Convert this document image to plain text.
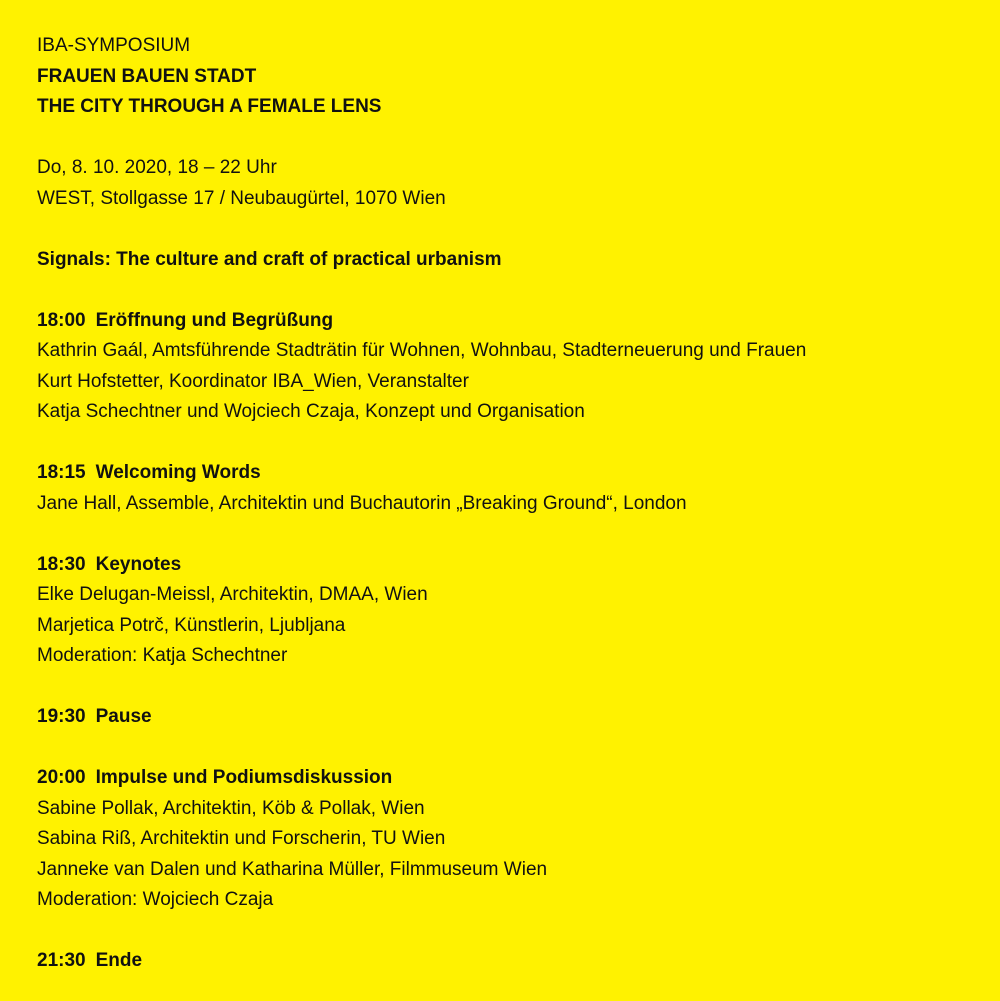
IBA-SYMPOSIUM

FRAUEN BAUEN STADT

THE CITY THROUGH A FEMALE LENS

Do, 8. 10. 2020, 18 – 22 Uhr

WEST, Stollgasse 17 / Neubaugürtel, 1070 Wien

Signals: The culture and craft of practical urbanism

18:00 Eröffnung und Begrüßung

Kathrin Gaál, Amtsführende Stadträtin für Wohnen, Wohnbau, Stadterneuerung und Frauen

Kurt Hofstetter, Koordinator IBA_Wien, Veranstalter

Katja Schechtner und Wojciech Czaja, Konzept und Organisation

18:15 Welcoming Words

Jane Hall, Assemble, Architektin und Buchautorin „Breaking Ground“, London

18:30 Keynotes

Elke Delugan-Meissl, Architektin, DMAA, Wien

Marjetica Potrč, Künstlerin, Ljubljana

Moderation: Katja Schechtner

19:30 Pause

20:00 Impulse und Podiumsdiskussion

Sabine Pollak, Architektin, Köb & Pollak, Wien

Sabina Riß, Architektin und Forscherin, TU Wien

Janneke van Dalen und Katharina Müller, Filmmuseum Wien

Moderation: Wojciech Czaja

21:30 Ende
